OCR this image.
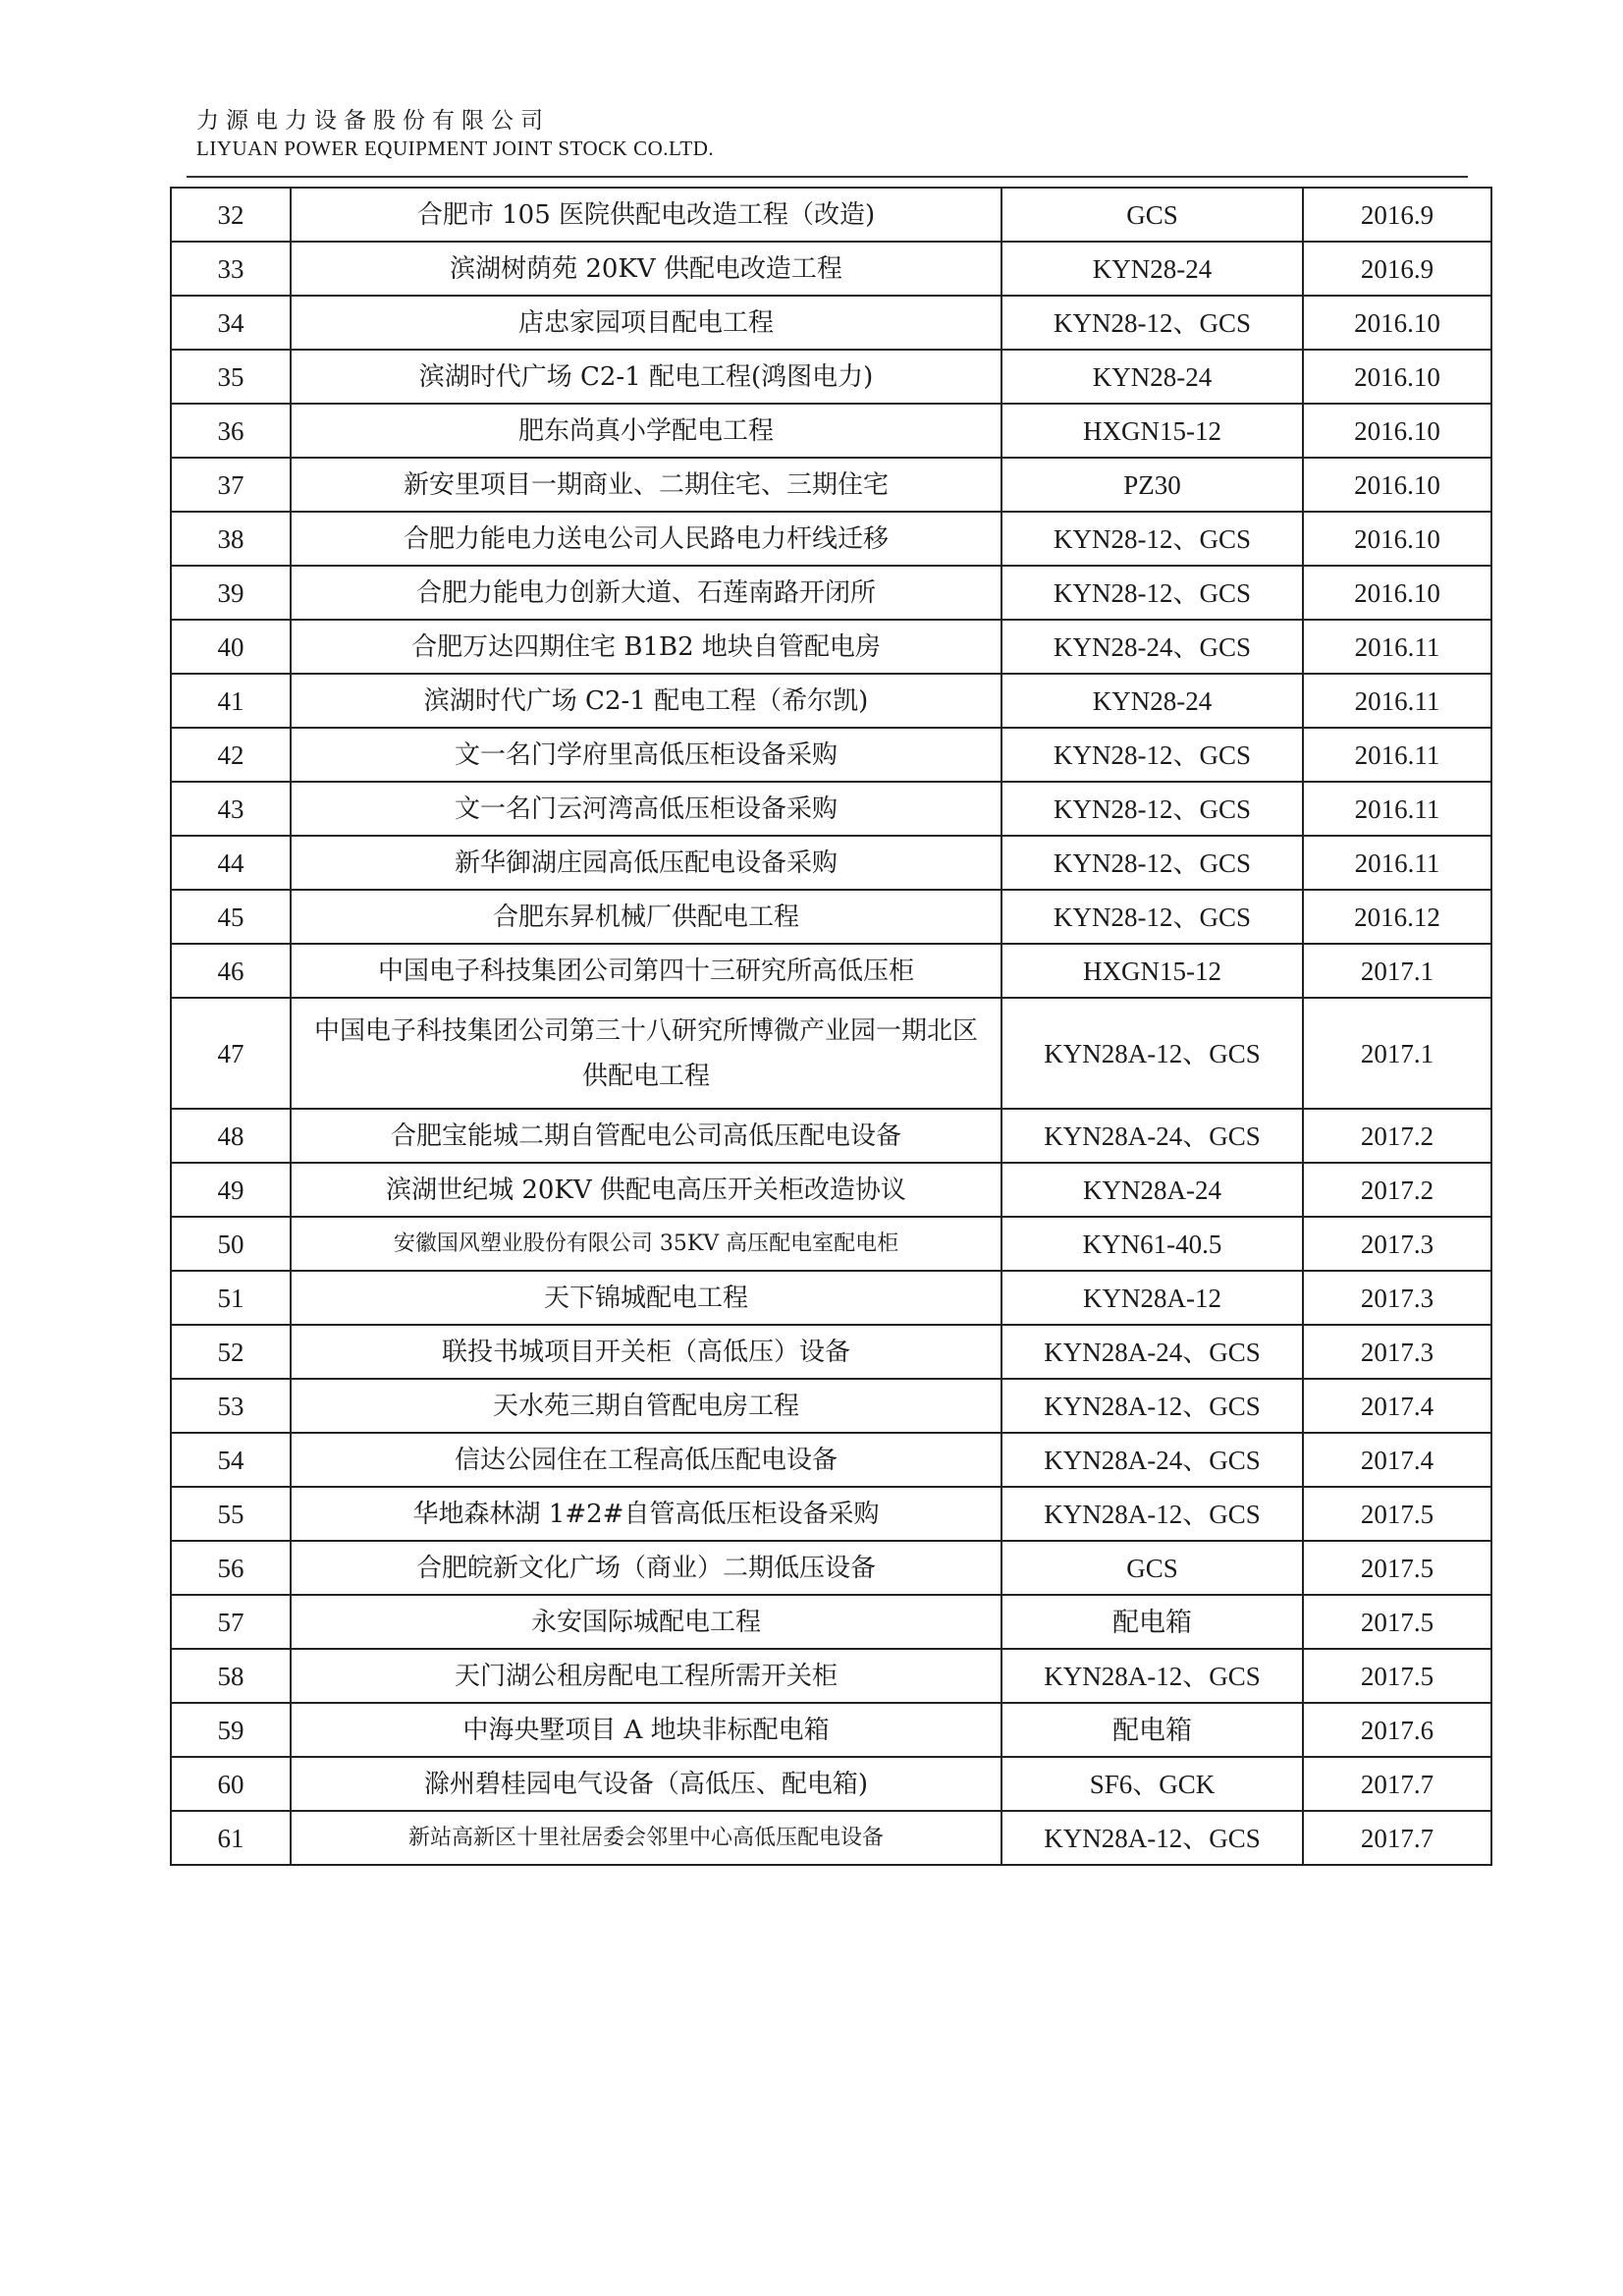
力源电力设备股份有限公司
LIYUAN POWER EQUIPMENT JOINT STOCK CO.LTD.
32	合肥市 105 医院供配电改造工程（改造)	GCS	2016.9
33	滨湖树荫苑 20KV 供配电改造工程	KYN28-24	2016.9
34	店忠家园项目配电工程	KYN28-12、GCS	2016.10
35	滨湖时代广场 C2-1 配电工程(鸿图电力)	KYN28-24	2016.10
36	肥东尚真小学配电工程	HXGN15-12	2016.10
37	新安里项目一期商业、二期住宅、三期住宅	PZ30	2016.10
38	合肥力能电力送电公司人民路电力杆线迁移	KYN28-12、GCS	2016.10
39	合肥力能电力创新大道、石莲南路开闭所	KYN28-12、GCS	2016.10
40	合肥万达四期住宅 B1B2 地块自管配电房	KYN28-24、GCS	2016.11
41	滨湖时代广场 C2-1 配电工程（希尔凯)	KYN28-24	2016.11
42	文一名门学府里高低压柜设备采购	KYN28-12、GCS	2016.11
43	文一名门云河湾高低压柜设备采购	KYN28-12、GCS	2016.11
44	新华御湖庄园高低压配电设备采购	KYN28-12、GCS	2016.11
45	合肥东昇机械厂供配电工程	KYN28-12、GCS	2016.12
46	中国电子科技集团公司第四十三研究所高低压柜	HXGN15-12	2017.1
47	中国电子科技集团公司第三十八研究所博微产业园一期北区供配电工程	KYN28A-12、GCS	2017.1
48	合肥宝能城二期自管配电公司高低压配电设备	KYN28A-24、GCS	2017.2
49	滨湖世纪城 20KV 供配电高压开关柜改造协议	KYN28A-24	2017.2
50	安徽国风塑业股份有限公司 35KV 高压配电室配电柜	KYN61-40.5	2017.3
51	天下锦城配电工程	KYN28A-12	2017.3
52	联投书城项目开关柜（高低压）设备	KYN28A-24、GCS	2017.3
53	天水苑三期自管配电房工程	KYN28A-12、GCS	2017.4
54	信达公园住在工程高低压配电设备	KYN28A-24、GCS	2017.4
55	华地森林湖 1#2#自管高低压柜设备采购	KYN28A-12、GCS	2017.5
56	合肥皖新文化广场（商业）二期低压设备	GCS	2017.5
57	永安国际城配电工程	配电箱	2017.5
58	天门湖公租房配电工程所需开关柜	KYN28A-12、GCS	2017.5
59	中海央墅项目 A 地块非标配电箱	配电箱	2017.6
60	滁州碧桂园电气设备（高低压、配电箱)	SF6、GCK	2017.7
61	新站高新区十里社居委会邻里中心高低压配电设备	KYN28A-12、GCS	2017.7
